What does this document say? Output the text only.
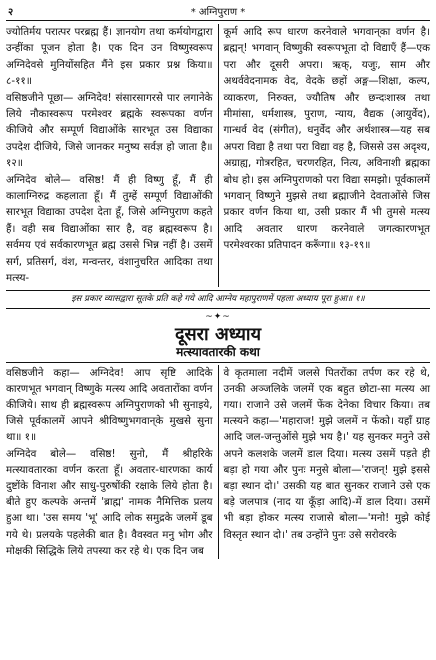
२	* अग्निपुराण *

ज्योतिर्मय परात्पर परब्रह्म हैं। ज्ञानयोग तथा कर्मयोगद्वारा उन्हींका पूजन होता है। एक दिन उन विष्णुस्वरूप अग्निदेवसे मुनियोंसहित मैंने इस प्रकार प्रश्न किया॥ ८-११॥

वसिष्ठजीने पूछा— अग्निदेव! संसारसागरसे पार लगानेके लिये नौकास्वरूप परमेश्वर ब्रह्मके स्वरूपका वर्णन कीजिये और सम्पूर्ण विद्याओंके सारभूत उस विद्याका उपदेश दीजिये, जिसे जानकर मनुष्य सर्वज्ञ हो जाता है॥ १२॥

अग्निदेव बोले— वसिष्ठ! मैं ही विष्णु हूँ, मैं ही कालाग्निरुद्र कहलाता हूँ। मैं तुम्हें सम्पूर्ण विद्याओंकी सारभूत विद्याका उपदेश देता हूँ, जिसे अग्निपुराण कहते हैं। वही सब विद्याओंका सार है, वह ब्रह्मस्वरूप है। सर्वमय एवं सर्वकारणभूत ब्रह्म उससे भिन्न नहीं है। उसमें सर्ग, प्रतिसर्ग, वंश, मन्वन्तर, वंशानुचरित आदिका तथा मत्स्य-

कूर्म आदि रूप धारण करनेवाले भगवान्‌का वर्णन है। ब्रह्मन्! भगवान् विष्णुकी स्वरूपभूता दो विद्याएँ हैं—एक परा और दूसरी अपरा। ऋक्, यजुः, साम और अथर्ववेदनामक वेद, वेदके छहों अङ्ग—शिक्षा, कल्प, व्याकरण, निरुक्त, ज्यौतिष और छन्दःशास्त्र तथा मीमांसा, धर्मशास्त्र, पुराण, न्याय, वैद्यक (आयुर्वेद), गान्धर्व वेद (संगीत), धनुर्वेद और अर्थशास्त्र—यह सब अपरा विद्या है तथा परा विद्या वह है, जिससे उस अदृश्य, अग्राह्य, गोत्ररहित, चरणरहित, नित्य, अविनाशी ब्रह्मका बोध हो। इस अग्निपुराणको परा विद्या समझो। पूर्वकालमें भगवान् विष्णुने मुझसे तथा ब्रह्माजीने देवताओंसे जिस प्रकार वर्णन किया था, उसी प्रकार मैं भी तुमसे मत्स्य आदि अवतार धारण करनेवाले जगत्कारणभूत परमेश्वरका प्रतिपादन करूँगा॥ १३-१९॥

इस प्रकार व्यासद्वारा सूतके प्रति कहे गये आदि आग्नेय महापुराणमें पहला अध्याय पूरा हुआ॥ १॥
~✦~
दूसरा अध्याय
मत्स्यावतारकी कथा

वसिष्ठजीने कहा— अग्निदेव! आप सृष्टि आदिके कारणभूत भगवान् विष्णुके मत्स्य आदि अवतारोंका वर्णन कीजिये। साथ ही ब्रह्मस्वरूप अग्निपुराणको भी सुनाइये, जिसे पूर्वकालमें आपने श्रीविष्णुभगवान्‌के मुखसे सुना था॥ १॥

अग्निदेव बोले— वसिष्ठ! सुनो, मैं श्रीहरिके मत्स्यावतारका वर्णन करता हूँ। अवतार-धारणका कार्य दुष्टोंके विनाश और साधु-पुरुषोंकी रक्षाके लिये होता है। बीते हुए कल्पके अन्तमें 'ब्राह्म' नामक नैमित्तिक प्रलय हुआ था। 'उस समय 'भू' आदि लोक समुद्रके जलमें डूब गये थे। प्रलयके पहलेकी बात है। वैवस्वत मनु भोग और मोक्षकी सिद्धिके लिये तपस्या कर रहे थे। एक दिन जब

वे कृतमाला नदीमें जलसे पितरोंका तर्पण कर रहे थे, उनकी अञ्जलिके जलमें एक बहुत छोटा-सा मत्स्य आ गया। राजाने उसे जलमें फेंक देनेका विचार किया। तब मत्स्यने कहा—'महाराज! मुझे जलमें न फेंको। यहाँ ग्राह आदि जल-जन्तुओंसे मुझे भय है।' यह सुनकर मनुने उसे अपने कलशके जलमें डाल दिया। मत्स्य उसमें पड़ते ही बड़ा हो गया और पुनः मनुसे बोला—'राजन्! मुझे इससे बड़ा स्थान दो।' उसकी यह बात सुनकर राजाने उसे एक बड़े जलपात्र (नाद या कूँड़ा आदि)-में डाल दिया। उसमें भी बड़ा होकर मत्स्य राजासे बोला—'मनो! मुझे कोई विस्तृत स्थान दो।' तब उन्होंने पुनः उसे सरोवरके
